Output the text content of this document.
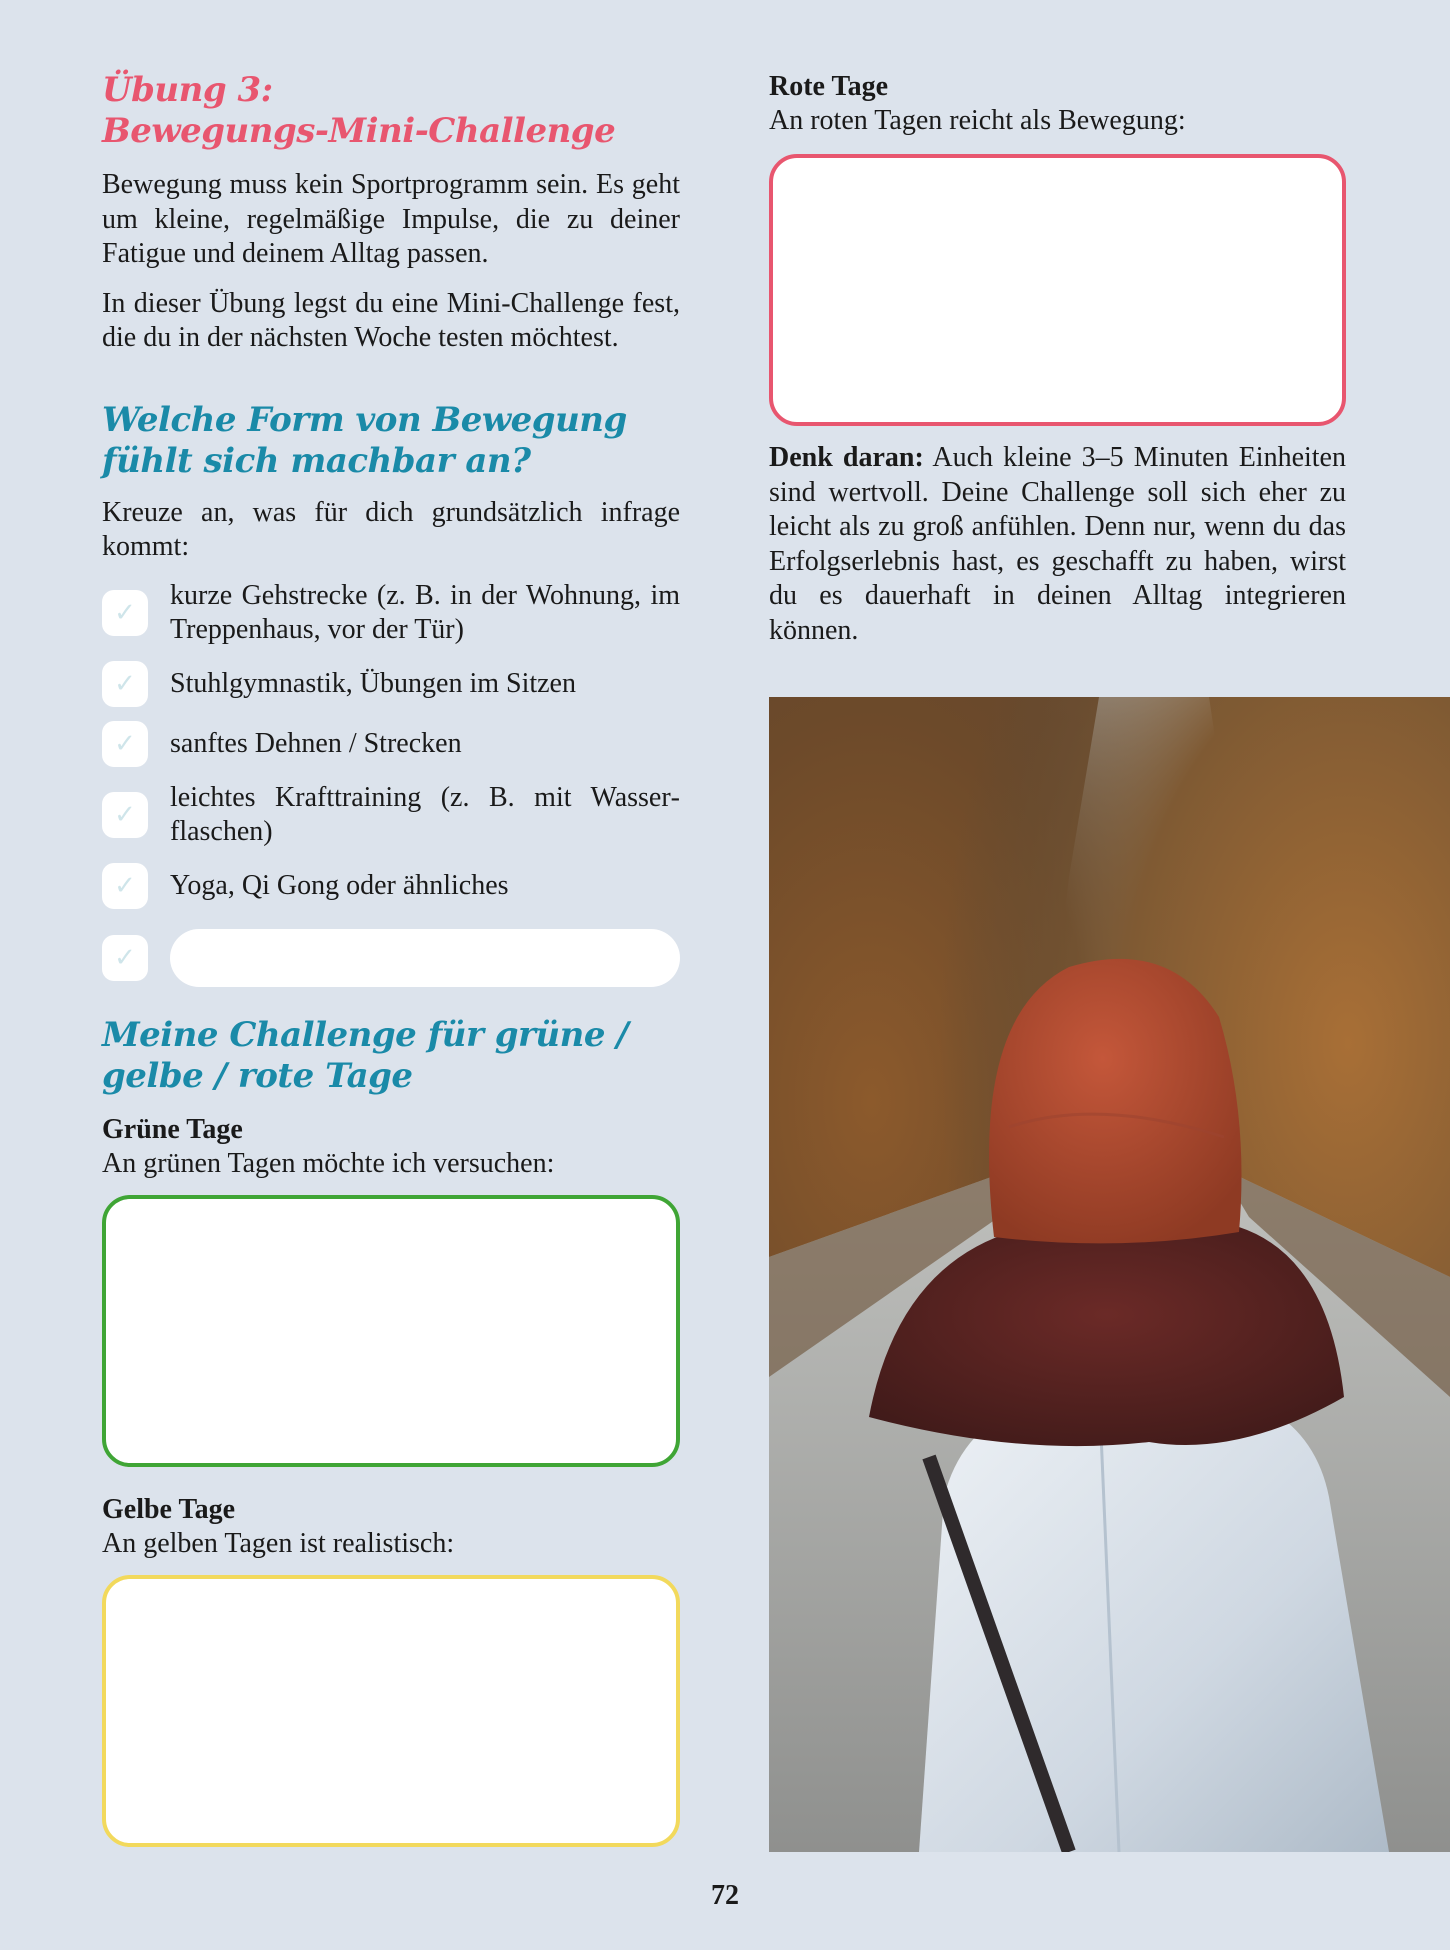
Übung 3:
Bewegungs-Mini-Challenge

Bewegung muss kein Sportprogramm sein. Es geht um kleine, regelmäßige Impulse, die zu deiner Fatigue und deinem Alltag passen.

In dieser Übung legst du eine Mini-Challenge fest, die du in der nächsten Woche testen möchtest.

Welche Form von Bewegung fühlt sich machbar an?

Kreuze an, was für dich grundsätzlich infrage kommt:

✓
kurze Gehstrecke (z. B. in der Wohnung, im Treppenhaus, vor der Tür)
✓	Stuhlgymnastik, Übungen im Sitzen
✓	sanftes Dehnen / Strecken
✓
leichtes Krafttraining (z. B. mit Wasserflaschen)
✓	Yoga, Qi Gong oder ähnliches
✓
Meine Challenge für grüne / gelbe / rote Tage
Grüne Tage
An grünen Tagen möchte ich versuchen:
Gelbe Tage
An gelben Tagen ist realistisch:
Rote Tage
An roten Tagen reicht als Bewegung:

Denk daran: Auch kleine 3–5 Minuten Einheiten sind wertvoll. Deine Challenge soll sich eher zu leicht als zu groß anfühlen. Denn nur, wenn du das Erfolgserlebnis hast, es geschafft zu haben, wirst du es dauerhaft in deinen Alltag integrieren können.

72
